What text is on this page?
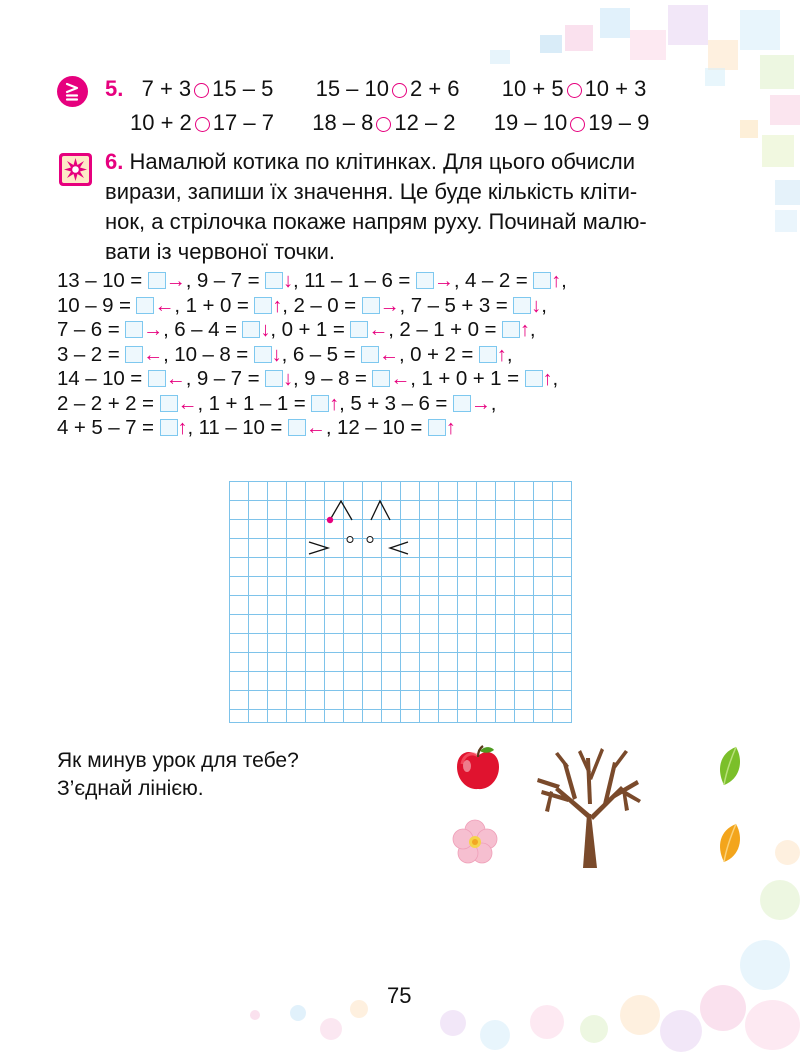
5. 7 + 3 15 – 5 15 – 10 2 + 6 10 + 5 10 + 3
10 + 2 17 – 7 18 – 8 12 – 2 19 – 10 19 – 9
6. Намалюй котика по клітинках. Для цього обчисли
вирази, запиши їх значення. Це буде кількість кліти-
нок, а стрілочка покаже напрям руху. Починай малю-
вати із червоної точки.
13 – 10 = →, 9 – 7 = ↓, 11 – 1 – 6 = →, 4 – 2 = ↑,
10 – 9 = ←, 1 + 0 = ↑, 2 – 0 = →, 7 – 5 + 3 = ↓,
7 – 6 = →, 6 – 4 = ↓, 0 + 1 = ←, 2 – 1 + 0 = ↑,
3 – 2 = ←, 10 – 8 = ↓, 6 – 5 = ←, 0 + 2 = ↑,
14 – 10 = ←, 9 – 7 = ↓, 9 – 8 = ←, 1 + 0 + 1 = ↑,
2 – 2 + 2 = ←, 1 + 1 – 1 = ↑, 5 + 3 – 6 = →,
4 + 5 – 7 = ↑, 11 – 10 = ←, 12 – 10 = ↑
Як минув урок для тебе?
З’єднай лінією.
75
